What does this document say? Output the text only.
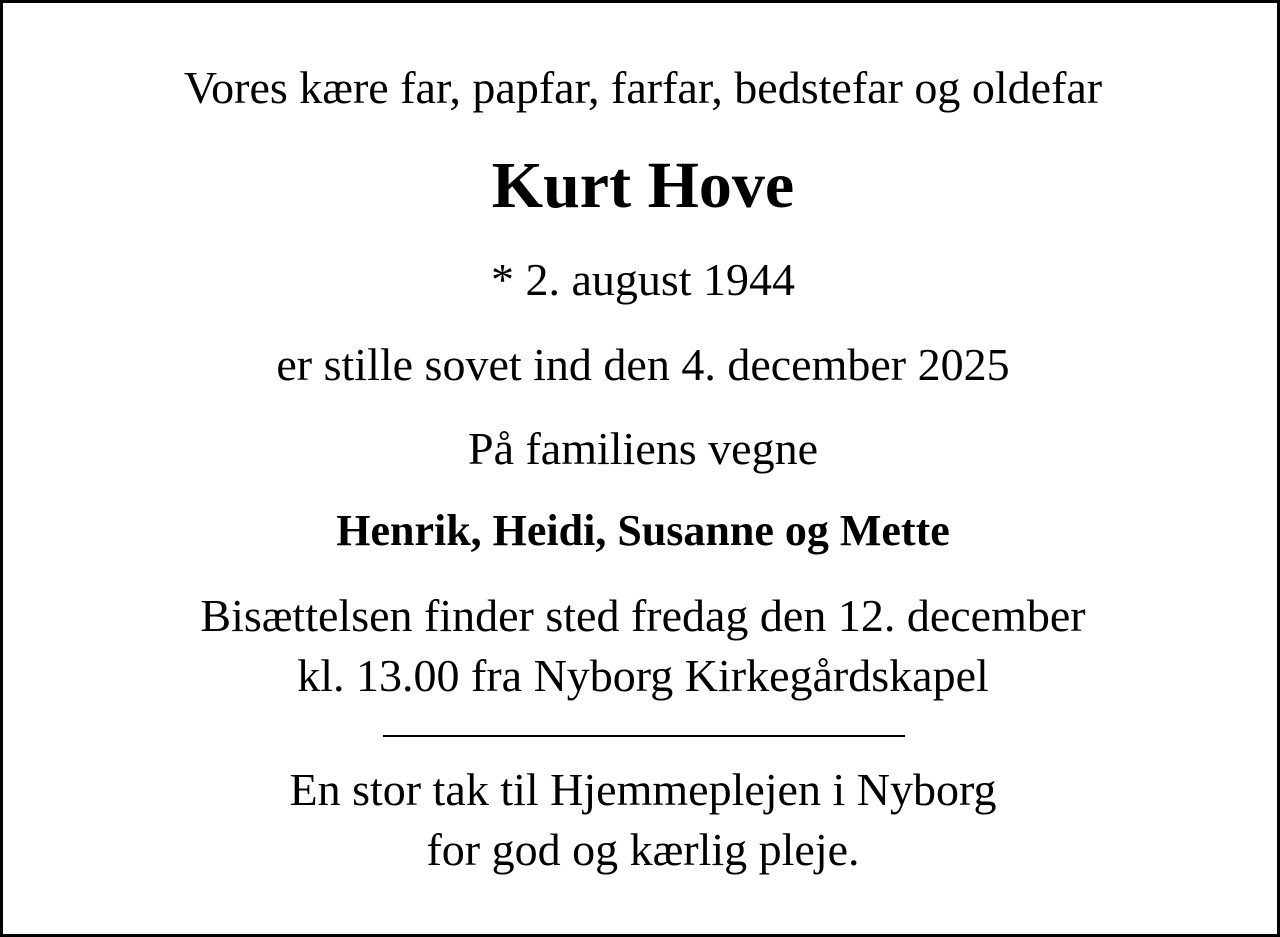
Vores kære far, papfar, farfar, bedstefar og oldefar

Kurt Hove

* 2. august 1944

er stille sovet ind den 4. december 2025

På familiens vegne

Henrik, Heidi, Susanne og Mette

Bisættelsen finder sted fredag den 12. december

kl. 13.00 fra Nyborg Kirkegårdskapel

En stor tak til Hjemmeplejen i Nyborg

for god og kærlig pleje.
